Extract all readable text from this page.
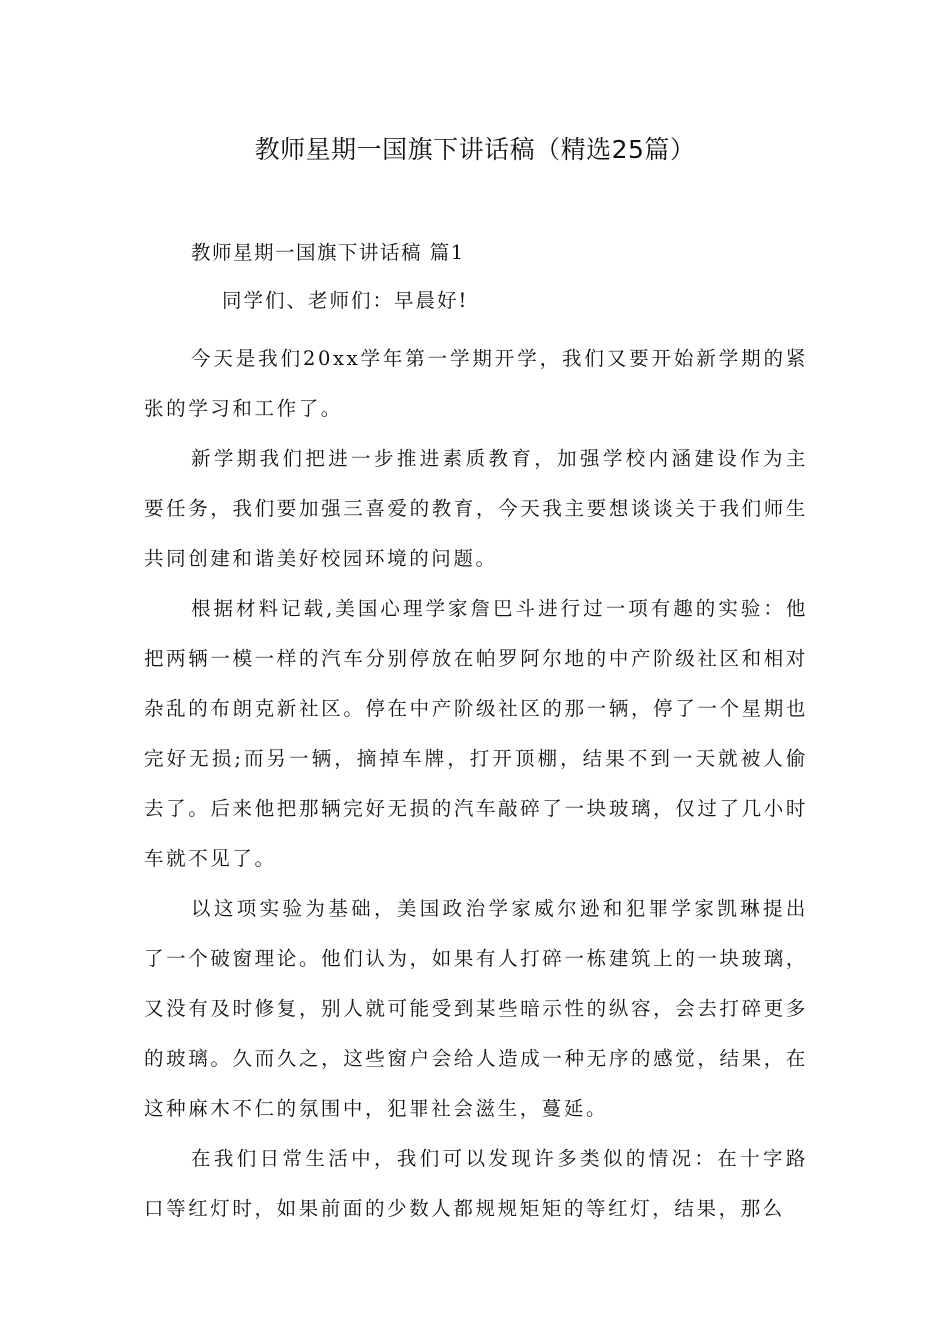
教师星期一国旗下讲话稿（精选25篇）
教师星期一国旗下讲话稿 篇1

同学们、老师们：早晨好!

今天是我们20xx学年第一学期开学，我们又要开始新学期的紧张的学习和工作了。

新学期我们把进一步推进素质教育，加强学校内涵建设作为主要任务，我们要加强三喜爱的教育，今天我主要想谈谈关于我们师生共同创建和谐美好校园环境的问题。

根据材料记载,美国心理学家詹巴斗进行过一项有趣的实验：他把两辆一模一样的汽车分别停放在帕罗阿尔地的中产阶级社区和相对杂乱的布朗克新社区。停在中产阶级社区的那一辆，停了一个星期也完好无损;而另一辆，摘掉车牌，打开顶棚，结果不到一天就被人偷去了。后来他把那辆完好无损的汽车敲碎了一块玻璃，仅过了几小时车就不见了。

以这项实验为基础，美国政治学家威尔逊和犯罪学家凯琳提出了一个破窗理论。他们认为，如果有人打碎一栋建筑上的一块玻璃，又没有及时修复，别人就可能受到某些暗示性的纵容，会去打碎更多的玻璃。久而久之，这些窗户会给人造成一种无序的感觉，结果，在这种麻木不仁的氛围中，犯罪社会滋生，蔓延。

在我们日常生活中，我们可以发现许多类似的情况：在十字路口等红灯时，如果前面的少数人都规规矩矩的等红灯，结果，那么
